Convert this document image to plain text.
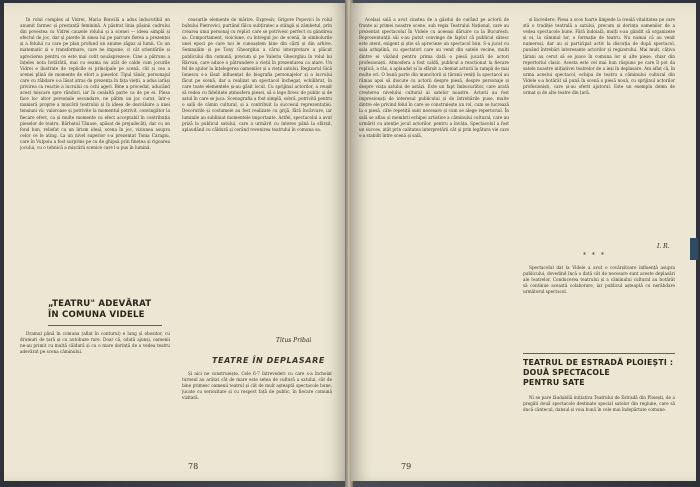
În rolul complex al Vidrei, Maria Boncilă a adus inducutibil un anumit farmec și prestanță feminină. A păstrat linia pășinii cadrului din povestea cu Vidrei cauzele rolului și a scenei — ideea simplă și efectul de joc, dar și pierde în sinea lui pe parcurs fierea a prezenței și a felului cu care pe plan profund un anume zăgaz al lumii. Cu un matematic și o transformare, care ne impune, ci cât orientările și aprecierea pentru ce este mai cotit nouăsprezece. Cine a pătruns a înțeles nota hotărâtă, mai cu seama nu atât de calde cum jocurile Vidrei e ilustrate de replicile ei principale pe scenă, cât și cea a scenei plină de momente de efort a pieselor. Tipul tânăr, personajul care cu răbdare s-a lăsat atras de prezența în fața vieții, a adus iarăși privirea ca reacție a lucrului cu ochi ageri. Bine a procedat, aducând acest mișcare spre rânduri, iar în cealaltă parte ca de pe ei. Piesa face loc altor personale secundare, ne pătim un joc curat, într-o manieră proprie a mișcării teatrului și în ideea de dezvăluire a unei tensiuni vii, valoroase și potrivite la momentul potrivit, convingător la fiecare efect, ca și multe momente cu efect acceptabil în contribuția pieselor de teatru. Bărbatul Tănase, apăsat de prejudecăți, dar cu un fond bun, reliefat cu un lirism ideal, scena în joc, viziunea asupra celor ce le ating. La un nivel superior s-a prezentat Toma Caragiu, care în Vulpoiu a fost surprins pe cu de ghipsă prin finețea și rigoarea jocului, cu o tehnică a mișcării scenice care l-a pus în lumină.

ceasurile elemente de mărire. Expresiv, Grigore Popovici în rolul bubului Pietrovici, purtând fălcu subțiratec a stângii și zâmbetul, prin crearea unui personaj cu replici care se potrivesc perfect cu gândirea sa. Comportament, vioiciune, cu întregul joc de scenă, în simbolurile unei epoci pe care noi le cunoaștem bine din cărți și din arhive. Semnalăm și pe Tony Gheorghiu a cărui interpretare a plăcut publicului din comună, precum și pe Valeriu Gheorghiu în rolul lui Rărvan, care aduce o pătrundere a vieții în prezentarea ca atare. Un fel de ajutor la înțelegerea oamenilor și a vieții satului. Regizorul Gică Ionescu s-a lăsat influențat de biografia personajelor și a lucrului făcut pe scenă, dar a realizat un spectacol închegat, echilibrat, în care toate elementele și-au găsit locul. Cu sprijinul actorilor, a reușit să redea cu fidelitate atmosfera piesei, să o lege firesc de public și de satul în care se juca. Scenografia a fost simplă, sobră, potrivită pentru o sală de cămin cultural, și a contribuit la succesul reprezentației. Decorurile și costumele au fost realizate cu grijă, fără încărcare, iar luminile au subliniat momentele importante. Astfel, spectacolul a avut priză la publicul satului, care a urmărit cu interes până la sfârșit, aplaudând cu căldură și cerând revenirea teatrului în comuna sa.

Titus Pribai
„TEATRU" ADEVĂRAT
ÎN COMUNA VIDELE

Dramul până în comuna (aflat în conturul) e lung și obositor, cu drumuri de țară și cu autobuze rare. Doar că, odată ajunși, oamenii ne-au primit cu multă căldură și cu o mare dorință de a vedea teatru adevărat pe scena căminului.

TEATRE ÎN DEPLASARE

Și aici ne construiește. Cele 6-7 întrevederi cu care s-a încheiat turneul au arătat cât de mare este setea de cultură a satului, cât de bine primesc oamenii teatrul și cât de mult așteaptă spectacole bune, jucate cu seriozitate și cu respect față de public, în fiecare comună vizitată.

78

Același sală a avut cinstea de a găzdui de curând pe actorii de frunte ai primei noastre scene, sub regia Teatrului Național, care au prezentat spectacolul În Videle cu aceeași dăruire ca la București. Reprezentanții săi s-au putut convinge de faptul că publicul sătesc este atent, exigent și știe să aprecieze un spectacol bun. S-a jucat cu sala arhiplină, cu spectatori care au venit din satele vecine, mulți dintre ei văzând pentru prima dată o piesă jucată de actori profesioniști. Atmosfera a fost caldă, publicul a reacționat la fiecare replică, a râs, a aplaudat și la sfârșit a chemat actorii la rampă de mai multe ori. O bună parte din muncitorii și țăranii veniți la spectacol au rămas apoi să discute cu actorii despre piesă, despre personaje și despre viața satului de astăzi. Este un fapt îmbucurător, care arată creșterea nivelului cultural al satelor noastre. Actorii au fost impresionați de interesul publicului și de întrebările puse, multe dintre ele privind felul în care se construiește un rol, cum se lucrează la o piesă, câte repetiții sunt necesare și cum se alege repertoriul. În sală se aflau și membrii echipei artistice a căminului cultural, care au urmărit cu atenție jocul actorilor, pentru a învăța. Spectacolul a fost un succes, atât prin calitatea interpretării cât și prin legătura vie care s-a stabilit între scenă și sală.

și încredere; Piesa a scos foarte limpede la iveală vitalitatea pe care stă o tradiție teatrală a satului, precum și dorința oamenilor de a vedea spectacole bune. Fără îndoială, mulți s-au gândit să organizeze și ei, la căminul lor, o formație de teatru. Nu numai că au venit numeroși, dar au și participat activ la discuția de după spectacol, punând întrebări interesante actorilor și regizorului. Mai mult, câțiva țărani au cerut să se joace în comuna lor și alte piese, chiar din repertoriul clasic. Acesta este cel mai bun răspuns pe care îl pot da satele noastre inițiativei teatrelor de a ieși în deplasare. Am aflat că, în urma acestui spectacol, echipa de teatru a căminului cultural din Videle s-a hotărât să pună în scenă o piesă nouă, cu sprijinul actorilor profesioniști, care și-au oferit ajutorul. Este un exemplu demn de urmat și de alte teatre din țară.

I. R.
* * *

Spectacolul dat la Videle a avut o covârșitoare influență asupra publicului, dovedind încă o dată cât de necesare sunt aceste deplasări ale teatrelor. Conducerea teatrului și a căminului cultural au hotărât să continue această colaborare, iar publicul așteaptă cu nerăbdare următorul spectacol.

TEATRUL DE ESTRADĂ PLOIEȘTI :
DOUĂ SPECTACOLE
PENTRU SATE

Ni se pare lăudabilă inițiativa Teatrului de Estradă din Ploiești, de a pregăti două spectacole destinate special satelor din regiune, care să ducă cântecul, dansul și voia bună în cele mai îndepărtate comune.

79
